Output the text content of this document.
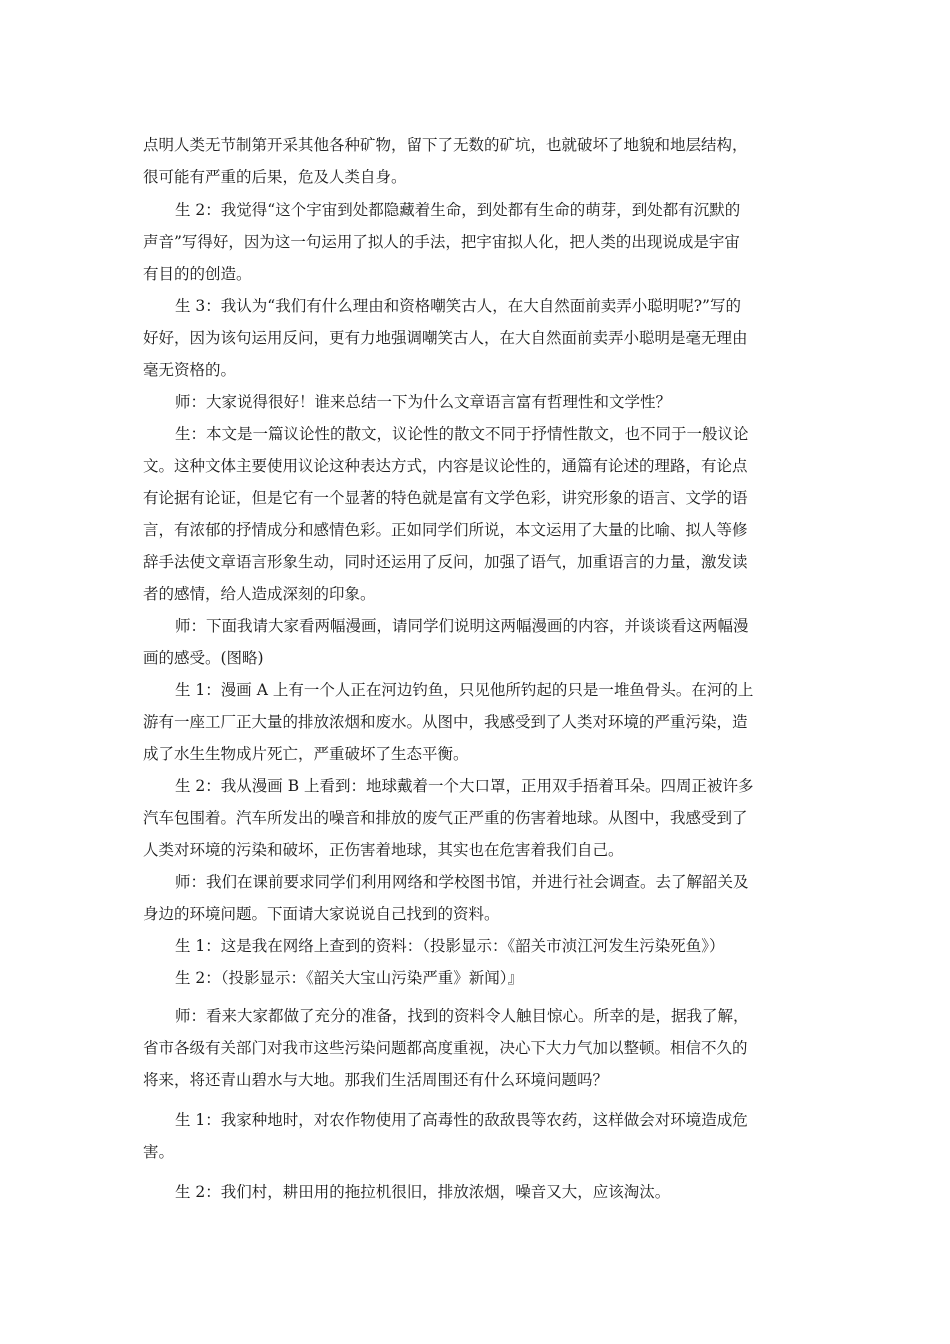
点明人类无节制第开采其他各种矿物，留下了无数的矿坑，也就破坏了地貌和地层结构，
很可能有严重的后果，危及人类自身。

生 2：我觉得“这个宇宙到处都隐藏着生命，到处都有生命的萌芽，到处都有沉默的
声音”写得好，因为这一句运用了拟人的手法，把宇宙拟人化，把人类的出现说成是宇宙
有目的的创造。

生 3：我认为“我们有什么理由和资格嘲笑古人，在大自然面前卖弄小聪明呢?”写的
好好，因为该句运用反问，更有力地强调嘲笑古人，在大自然面前卖弄小聪明是毫无理由
毫无资格的。

师：大家说得很好！谁来总结一下为什么文章语言富有哲理性和文学性？

生：本文是一篇议论性的散文，议论性的散文不同于抒情性散文，也不同于一般议论
文。这种文体主要使用议论这种表达方式，内容是议论性的，通篇有论述的理路，有论点
有论据有论证，但是它有一个显著的特色就是富有文学色彩，讲究形象的语言、文学的语
言，有浓郁的抒情成分和感情色彩。正如同学们所说，本文运用了大量的比喻、拟人等修
辞手法使文章语言形象生动，同时还运用了反问，加强了语气，加重语言的力量，激发读
者的感情，给人造成深刻的印象。

师：下面我请大家看两幅漫画，请同学们说明这两幅漫画的内容，并谈谈看这两幅漫
画的感受。(图略)

生 1：漫画 A 上有一个人正在河边钓鱼，只见他所钓起的只是一堆鱼骨头。在河的上
游有一座工厂正大量的排放浓烟和废水。从图中，我感受到了人类对环境的严重污染，造
成了水生生物成片死亡，严重破坏了生态平衡。

生 2：我从漫画 B 上看到：地球戴着一个大口罩，正用双手捂着耳朵。四周正被许多
汽车包围着。汽车所发出的噪音和排放的废气正严重的伤害着地球。从图中，我感受到了
人类对环境的污染和破坏，正伤害着地球，其实也在危害着我们自己。

师：我们在课前要求同学们利用网络和学校图书馆，并进行社会调查。去了解韶关及
身边的环境问题。下面请大家说说自己找到的资料。

生 1：这是我在网络上查到的资料：（投影显示：《韶关市浈江河发生污染死鱼》）

生 2：（投影显示：《韶关大宝山污染严重》新闻）』

师：看来大家都做了充分的准备，找到的资料令人触目惊心。所幸的是，据我了解，
省市各级有关部门对我市这些污染问题都高度重视，决心下大力气加以整顿。相信不久的
将来，将还青山碧水与大地。那我们生活周围还有什么环境问题吗？

生 1：我家种地时，对农作物使用了高毒性的敌敌畏等农药，这样做会对环境造成危
害。

生 2：我们村，耕田用的拖拉机很旧，排放浓烟，噪音又大，应该淘汰。
